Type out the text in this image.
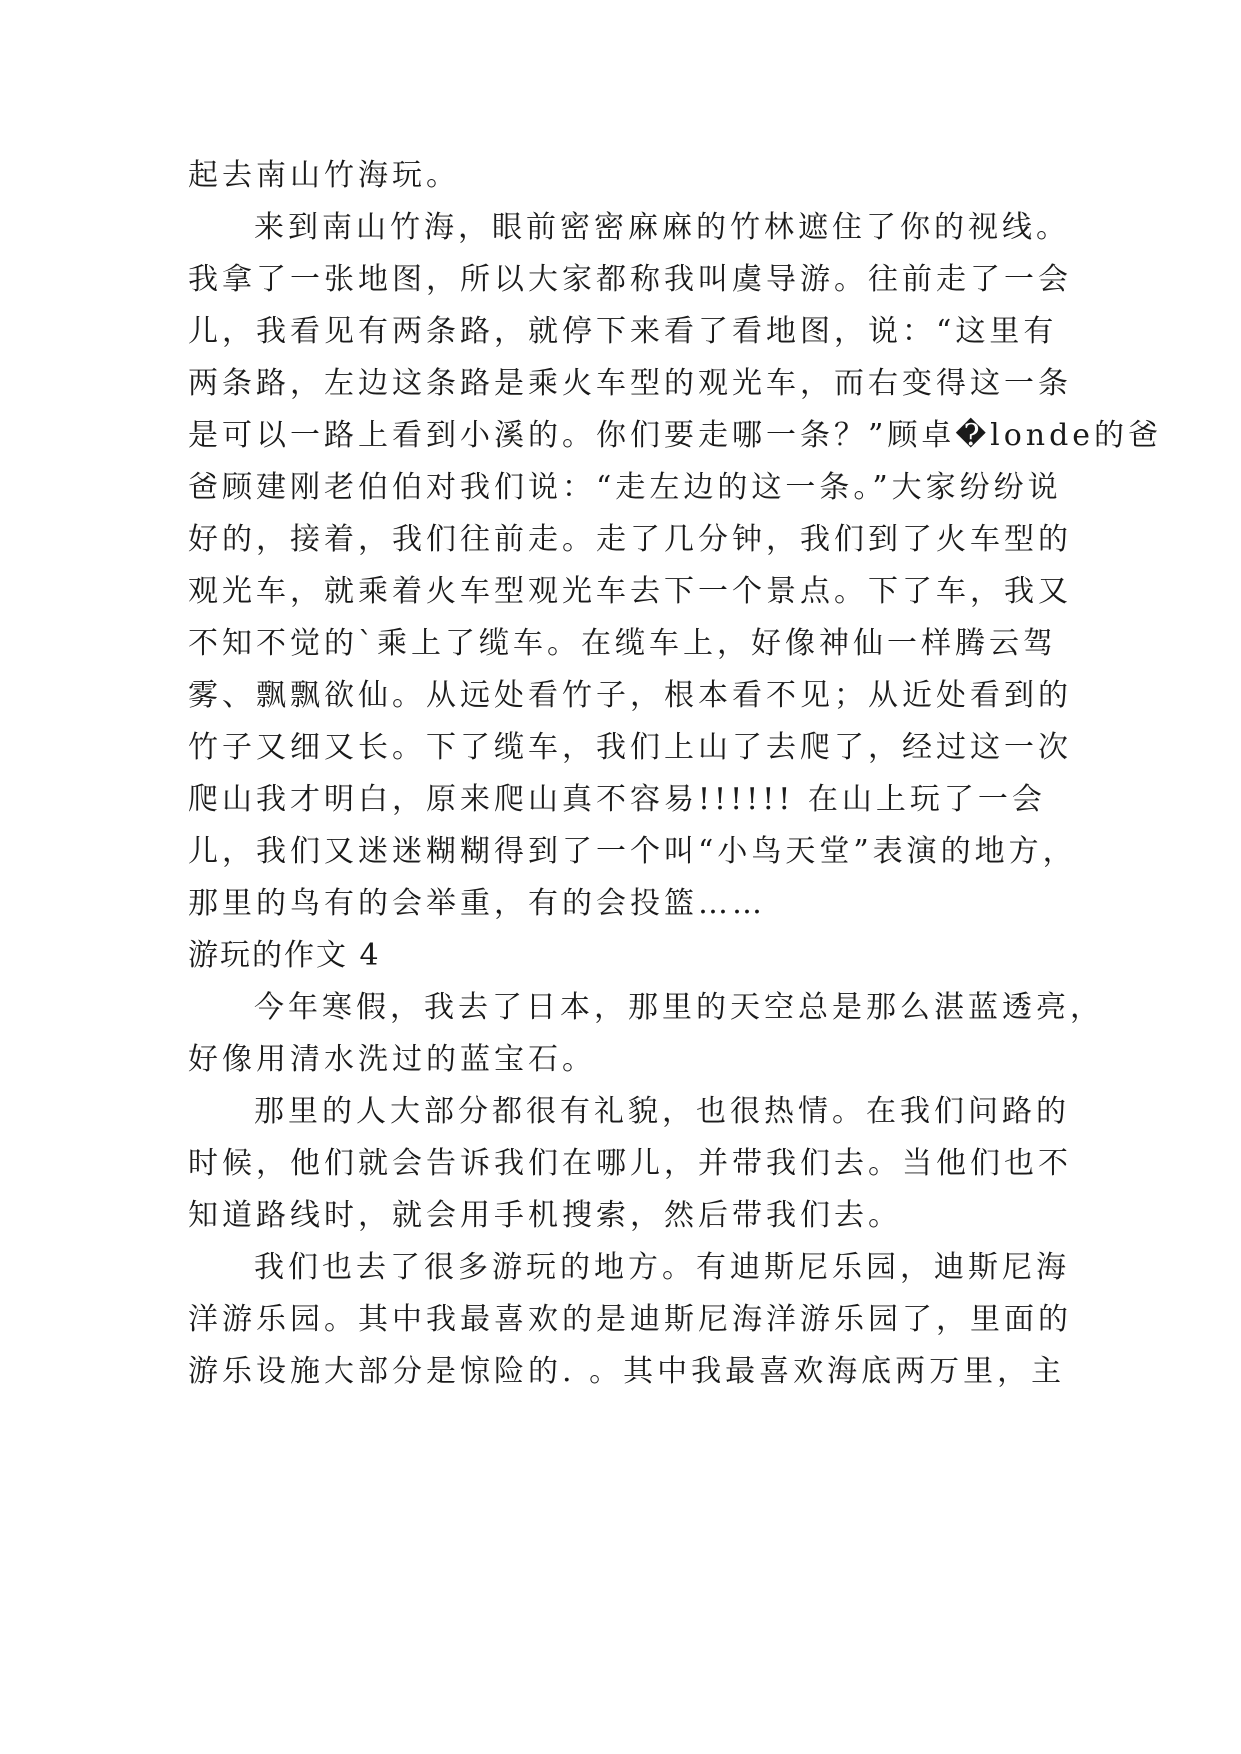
起去南山竹海玩。
来到南山竹海，眼前密密麻麻的竹林遮住了你的视线。
我拿了一张地图，所以大家都称我叫虞导游。往前走了一会
儿，我看见有两条路，就停下来看了看地图，说：“这里有
两条路，左边这条路是乘火车型的观光车，而右变得这一条
是可以一路上看到小溪的。你们要走哪一条？”顾卓�londe的爸
爸顾建刚老伯伯对我们说：“走左边的这一条。”大家纷纷说
好的，接着，我们往前走。走了几分钟，我们到了火车型的
观光车，就乘着火车型观光车去下一个景点。下了车，我又
不知不觉的`乘上了缆车。在缆车上，好像神仙一样腾云驾
雾、飘飘欲仙。从远处看竹子，根本看不见；从近处看到的
竹子又细又长。下了缆车，我们上山了去爬了，经过这一次
爬山我才明白，原来爬山真不容易!!!!!! 在山上玩了一会
儿，我们又迷迷糊糊得到了一个叫“小鸟天堂”表演的地方，
那里的鸟有的会举重，有的会投篮……
游玩的作文 4
今年寒假，我去了日本，那里的天空总是那么湛蓝透亮，
好像用清水洗过的蓝宝石。
那里的人大部分都很有礼貌，也很热情。在我们问路的
时候，他们就会告诉我们在哪儿，并带我们去。当他们也不
知道路线时，就会用手机搜索，然后带我们去。
我们也去了很多游玩的地方。有迪斯尼乐园，迪斯尼海
洋游乐园。其中我最喜欢的是迪斯尼海洋游乐园了，里面的
游乐设施大部分是惊险的. 。其中我最喜欢海底两万里，主
